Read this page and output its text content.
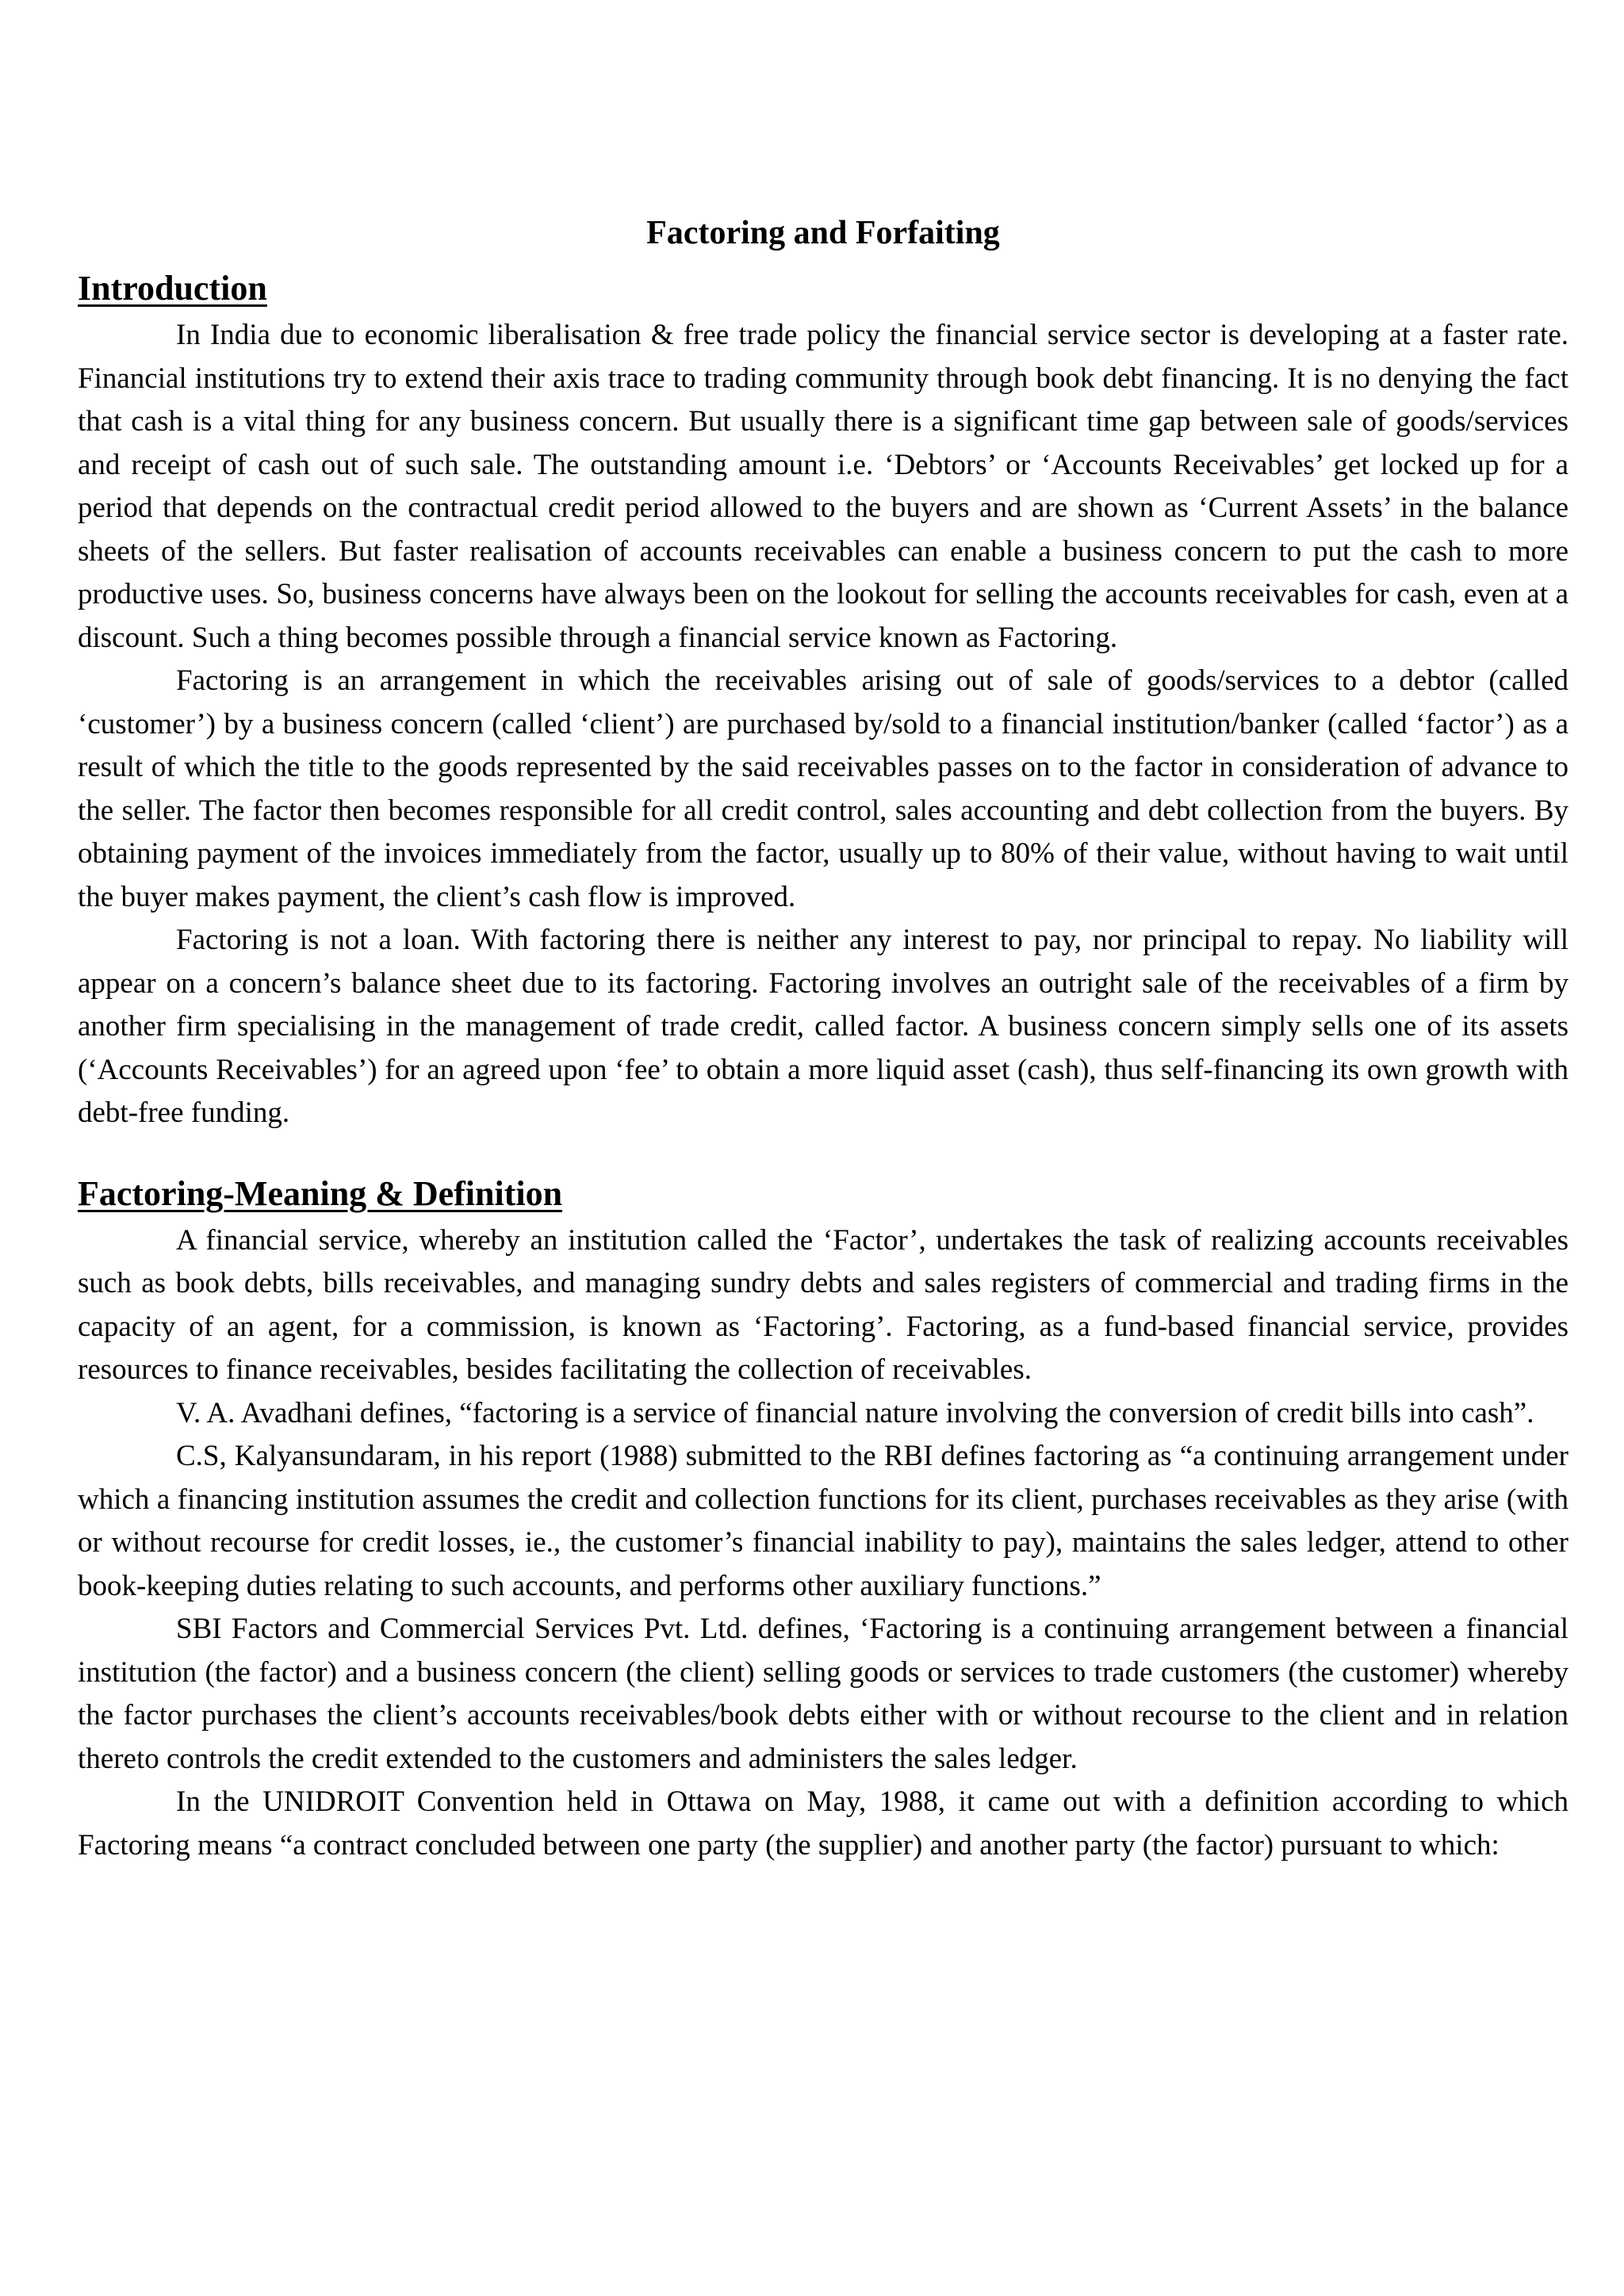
Factoring and Forfaiting
Introduction

In India due to economic liberalisation & free trade policy the financial service sector is developing at a faster rate. Financial institutions try to extend their axis trace to trading community through book debt financing. It is no denying the fact that cash is a vital thing for any business concern. But usually there is a significant time gap between sale of goods/services and receipt of cash out of such sale. The outstanding amount i.e. ‘Debtors’ or ‘Accounts Receivables’ get locked up for a period that depends on the contractual credit period allowed to the buyers and are shown as ‘Current Assets’ in the balance sheets of the sellers. But faster realisation of accounts receivables can enable a business concern to put the cash to more productive uses. So, business concerns have always been on the lookout for selling the accounts receivables for cash, even at a discount. Such a thing becomes possible through a financial service known as Factoring.

Factoring is an arrangement in which the receivables arising out of sale of goods/services to a debtor (called ‘customer’) by a business concern (called ‘client’) are purchased by/sold to a financial institution/banker (called ‘factor’) as a result of which the title to the goods represented by the said receivables passes on to the factor in consideration of advance to the seller. The factor then becomes responsible for all credit control, sales accounting and debt collection from the buyers. By obtaining payment of the invoices immediately from the factor, usually up to 80% of their value, without having to wait until the buyer makes payment, the client’s cash flow is improved.

Factoring is not a loan. With factoring there is neither any interest to pay, nor principal to repay. No liability will appear on a concern’s balance sheet due to its factoring. Factoring involves an outright sale of the receivables of a firm by another firm specialising in the management of trade credit, called factor. A business concern simply sells one of its assets (‘Accounts Receivables’) for an agreed upon ‘fee’ to obtain a more liquid asset (cash), thus self-financing its own growth with debt-free funding.

Factoring-Meaning & Definition

A financial service, whereby an institution called the ‘Factor’, undertakes the task of realizing accounts receivables such as book debts, bills receivables, and managing sundry debts and sales registers of commercial and trading firms in the capacity of an agent, for a commission, is known as ‘Factoring’. Factoring, as a fund-based financial service, provides resources to finance receivables, besides facilitating the collection of receivables.

V. A. Avadhani defines, “factoring is a service of financial nature involving the conversion of credit bills into cash”.

C.S, Kalyansundaram, in his report (1988) submitted to the RBI defines factoring as “a continuing arrangement under which a financing institution assumes the credit and collection functions for its client, purchases receivables as they arise (with or without recourse for credit losses, ie., the customer’s financial inability to pay), maintains the sales ledger, attend to other book-keeping duties relating to such accounts, and performs other auxiliary functions.”

SBI Factors and Commercial Services Pvt. Ltd. defines, ‘Factoring is a continuing arrangement between a financial institution (the factor) and a business concern (the client) selling goods or services to trade customers (the customer) whereby the factor purchases the client’s accounts receivables/book debts either with or without recourse to the client and in relation thereto controls the credit extended to the customers and administers the sales ledger.

In the UNIDROIT Convention held in Ottawa on May, 1988, it came out with a definition according to which Factoring means “a contract concluded between one party (the supplier) and another party (the factor) pursuant to which:
